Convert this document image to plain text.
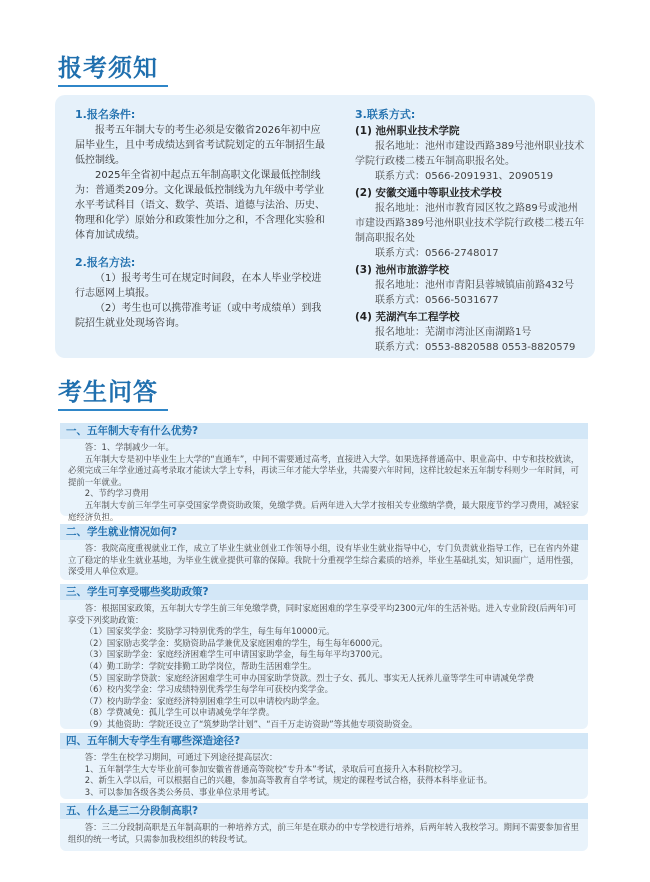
报考须知
1.报名条件:
报考五年制大专的考生必须是安徽省2026年初中应届毕业生，且中考成绩达到省考试院划定的五年制招生最低控制线。
2025年全省初中起点五年制高职文化课最低控制线为：普通类209分。文化课最低控制线为九年级中考学业水平考试科目（语文、数学、英语、道德与法治、历史、物理和化学）原始分和政策性加分之和，不含理化实验和体育加试成绩。
2.报名方法:
（1）报考考生可在规定时间段，在本人毕业学校进行志愿网上填报。
（2）考生也可以携带准考证（或中考成绩单）到我院招生就业处现场咨询。
3.联系方式:
(1) 池州职业技术学院
报名地址：池州市建设西路389号池州职业技术学院行政楼二楼五年制高职报名处。
联系方式：0566-2091931、2090519
(2) 安徽交通中等职业技术学校
报名地址：池州市教育园区牧之路89号或池州市建设西路389号池州职业技术学院行政楼二楼五年制高职报名处
联系方式：0566-2748017
(3) 池州市旅游学校
报名地址：池州市青阳县蓉城镇庙前路432号
联系方式：0566-5031677
(4) 芜湖汽车工程学校
报名地址：芜湖市湾沚区南湖路1号
联系方式：0553-8820588 0553-8820579
考生问答
一、五年制大专有什么优势?
答：1、学制减少一年。
五年制大专是初中毕业生上大学的“直通车”，中间不需要通过高考，直接进入大学。如果选择普通高中、职业高中、中专和技校就读，必须完成三年学业通过高考录取才能读大学上专科，再读三年才能大学毕业，共需要六年时间，这样比较起来五年制专科则少一年时间，可提前一年就业。
2、节约学习费用
五年制大专前三年学生可享受国家学费资助政策，免缴学费。后两年进入大学才按相关专业缴纳学费，最大限度节约学习费用，减轻家庭经济负担。
二、学生就业情况如何?
答：我院高度重视就业工作，成立了毕业生就业创业工作领导小组，设有毕业生就业指导中心，专门负责就业指导工作，已在省内外建立了稳定的毕业生就业基地，为毕业生就业提供可靠的保障。我院十分重视学生综合素质的培养，毕业生基础扎实，知识面广，适用性强，深受用人单位欢迎。
三、学生可享受哪些奖助政策?
答：根据国家政策，五年制大专学生前三年免缴学费，同时家庭困难的学生享受平均2300元/年的生活补贴。进入专业阶段(后两年)可享受下列奖助政策：
（1）国家奖学金：奖励学习特别优秀的学生，每生每年10000元。
（2）国家励志奖学金：奖励资助品学兼优及家庭困难的学生，每生每年6000元。
（3）国家助学金：家庭经济困难学生可申请国家助学金，每生每年平均3700元。
（4）勤工助学：学院安排勤工助学岗位，帮助生活困难学生。
（5）国家助学贷款：家庭经济困难学生可申办国家助学贷款。烈士子女、孤儿、事实无人抚养儿童等学生可申请减免学费
（6）校内奖学金：学习成绩特别优秀学生每学年可获校内奖学金。
（7）校内助学金：家庭经济特别困难学生可以申请校内助学金。
（8）学费减免：孤儿学生可以申请减免学年学费。
（9）其他资助：学院还设立了“筑梦助学计划”、“百千万走访资助”等其他专项资助资金。
四、五年制大专学生有哪些深造途径?
答：学生在校学习期间，可通过下列途径提高层次：
1、五年制学生大专毕业前可参加安徽省普通高等院校“专升本”考试，录取后可直接升入本科院校学习。
2、新生入学以后，可以根据自己的兴趣，参加高等教育自学考试，规定的课程考试合格，获得本科毕业证书。
3、可以参加各级各类公务员、事业单位录用考试。
五、什么是三二分段制高职?
答：三二分段制高职是五年制高职的一种培养方式，前三年是在联办的中专学校进行培养，后两年转入我校学习。期间不需要参加省里组织的统一考试，只需参加我校组织的转段考试。
